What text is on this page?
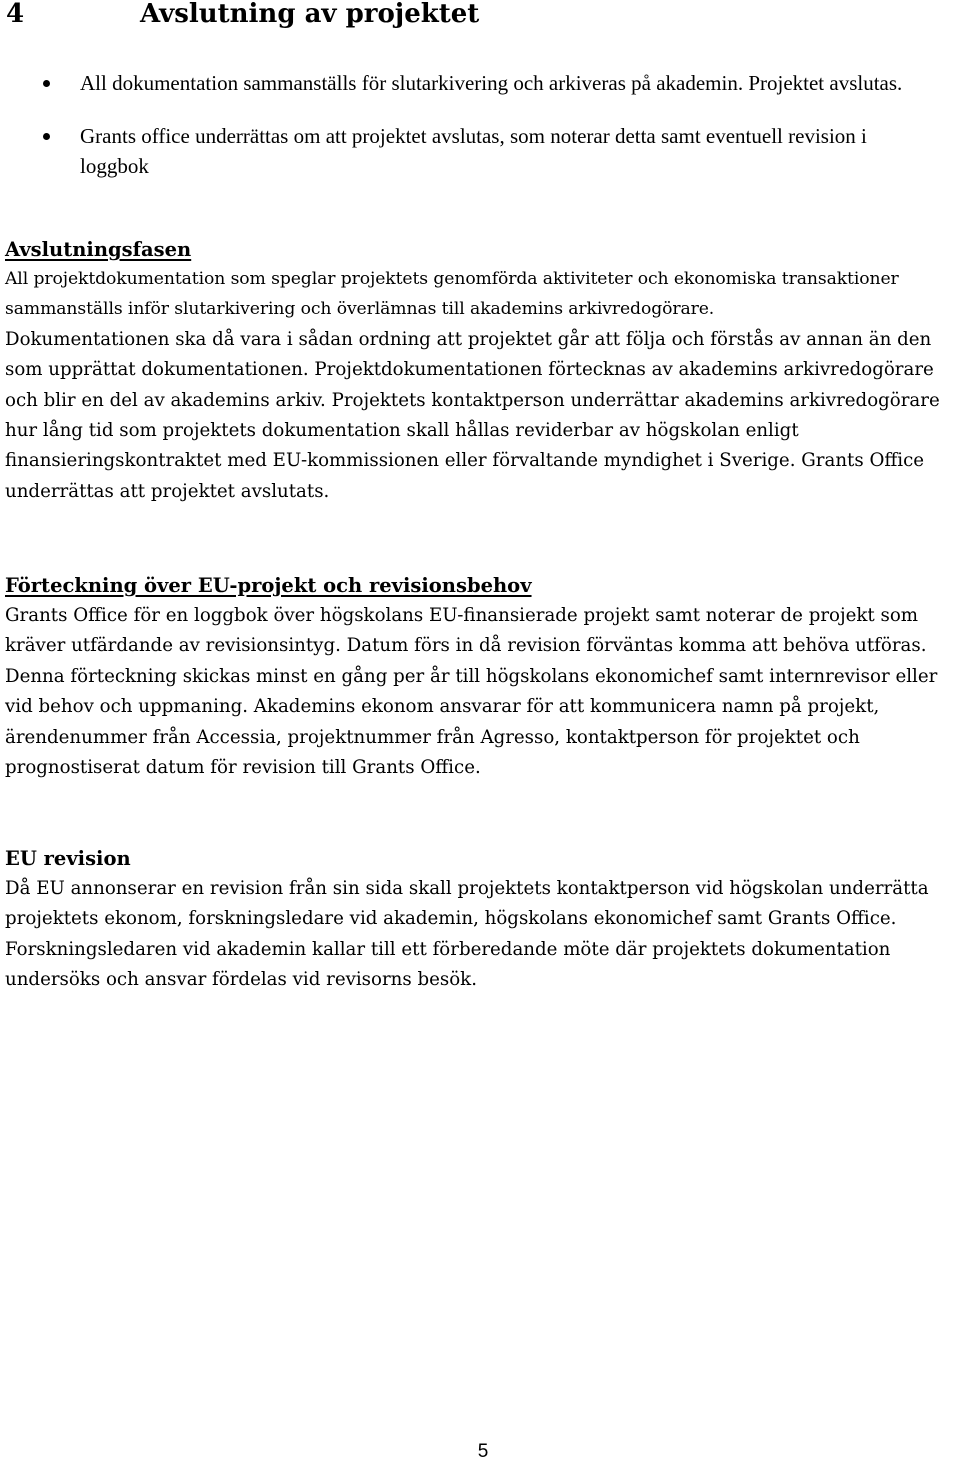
4	Avslutning av projektet
All dokumentation sammanställs för slutarkivering och arkiveras på akademin. Projektet avslutas.
Grants office underrättas om att projektet avslutas, som noterar detta samt eventuell revision i loggbok
Avslutningsfasen

All projektdokumentation som speglar projektets genomförda aktiviteter och ekonomiska transaktioner sammanställs inför slutarkivering och överlämnas till akademins arkivredogörare.

Dokumentationen ska då vara i sådan ordning att projektet går att följa och förstås av annan än den som upprättat dokumentationen. Projektdokumentationen förtecknas av akademins arkivredogörare och blir en del av akademins arkiv. Projektets kontaktperson underrättar akademins arkivredogörare hur lång tid som projektets dokumentation skall hållas reviderbar av högskolan enligt finansieringskontraktet med EU-kommissionen eller förvaltande myndighet i Sverige. Grants Office underrättas att projektet avslutats.

Förteckning över EU-projekt och revisionsbehov

Grants Office för en loggbok över högskolans EU-finansierade projekt samt noterar de projekt som kräver utfärdande av revisionsintyg. Datum förs in då revision förväntas komma att behöva utföras. Denna förteckning skickas minst en gång per år till högskolans ekonomichef samt internrevisor eller vid behov och uppmaning. Akademins ekonom ansvarar för att kommunicera namn på projekt, ärendenummer från Accessia, projektnummer från Agresso, kontaktperson för projektet och prognostiserat datum för revision till Grants Office.

EU revision

Då EU annonserar en revision från sin sida skall projektets kontaktperson vid högskolan underrätta projektets ekonom, forskningsledare vid akademin, högskolans ekonomichef samt Grants Office. Forskningsledaren vid akademin kallar till ett förberedande möte där projektets dokumentation undersöks och ansvar fördelas vid revisorns besök.

5
